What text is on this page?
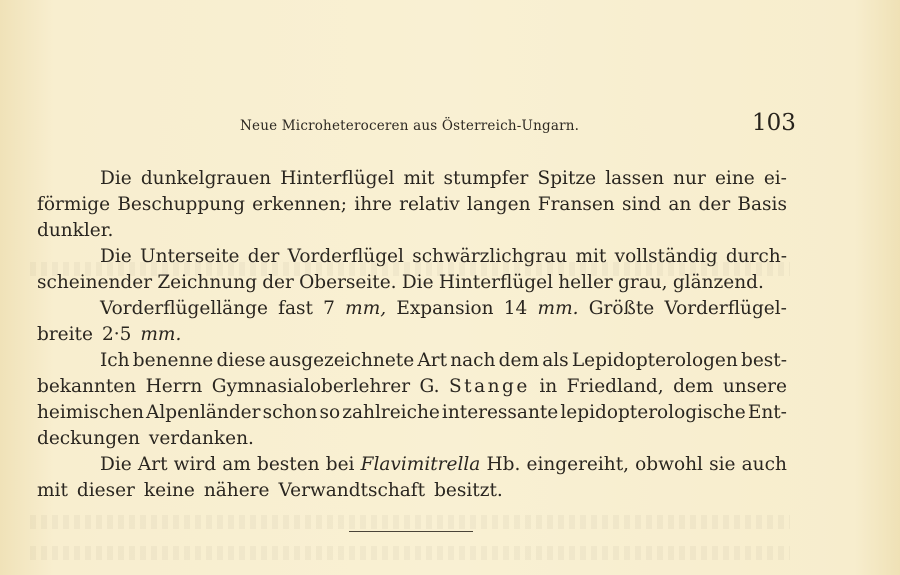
Neue Microheteroceren aus Österreich-Ungarn.	103
Die dunkelgrauen Hinterflügel mit stumpfer Spitze lassen nur eine ei-
förmige Beschuppung erkennen; ihre relativ langen Fransen sind an der Basis
dunkler.
Die Unterseite der Vorderflügel schwärzlichgrau mit vollständig durch-
scheinender Zeichnung der Oberseite. Die Hinterflügel heller grau, glänzend.
Vorderflügellänge fast 7 mm, Expansion 14 mm. Größte Vorderflügel-
breite 2·5 mm.
Ich benenne diese ausgezeichnete Art nach dem als Lepidopterologen best-
bekannten Herrn Gymnasialoberlehrer G. Stange in Friedland, dem unsere
heimischen Alpenländer schon so zahlreiche interessante lepidopterologische Ent-
deckungen verdanken.
Die Art wird am besten bei Flavimitrella Hb. eingereiht, obwohl sie auch
mit dieser keine nähere Verwandtschaft besitzt.
